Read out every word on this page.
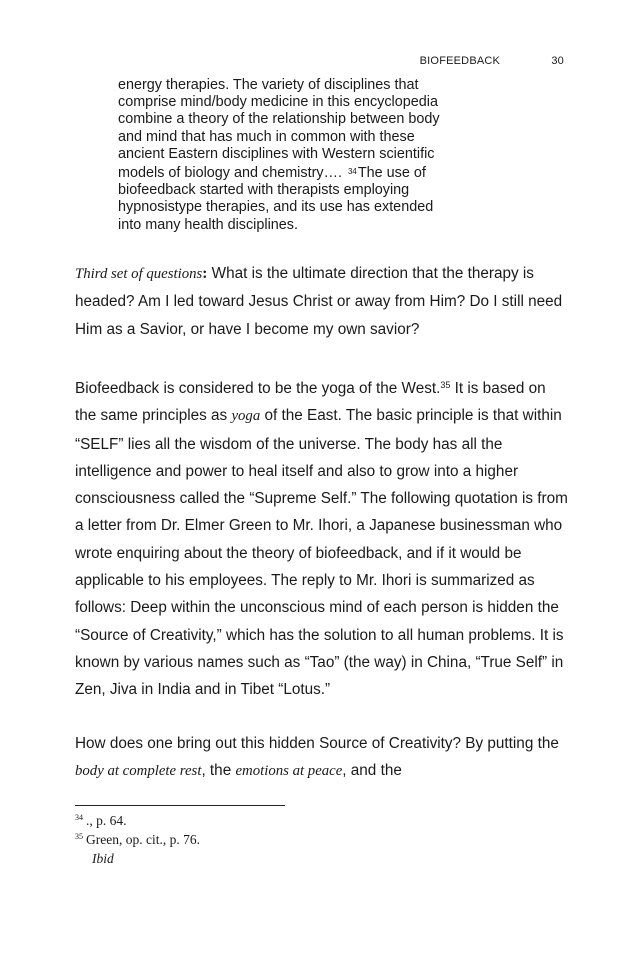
BIOFEEDBACK	30
energy therapies. The variety of disciplines that
comprise mind/body medicine in this encyclopedia
combine a theory of the relationship between body
and mind that has much in common with these
ancient Eastern disciplines with Western scientific
models of biology and chemistry…. $^{34}$The use of
biofeedback started with therapists employing
hypnosistype therapies, and its use has extended
into many health disciplines.

Third set of questions: What is the ultimate direction that the therapy is headed? Am I led toward Jesus Christ or away from Him? Do I still need Him as a Savior, or have I become my own savior?

Biofeedback is considered to be the yoga of the West.$^{35}$ It is based on the same principles as yoga of the East. The basic principle is that within “SELF” lies all the wisdom of the universe. The body has all the intelligence and power to heal itself and also to grow into a higher consciousness called the “Supreme Self.” The following quotation is from a letter from Dr. Elmer Green to Mr. Ihori, a Japanese businessman who wrote enquiring about the theory of biofeedback, and if it would be applicable to his employees. The reply to Mr. Ihori is summarized as follows: Deep within the unconscious mind of each person is hidden the “Source of Creativity,” which has the solution to all human problems. It is known by various names such as “Tao” (the way) in China, “True Self” in Zen, Jiva in India and in Tibet “Lotus.”

How does one bring out this hidden Source of Creativity? By putting the body at complete rest, the emotions at peace, and the

$^{34}$ ., p. 64.
$^{35}$ Green, op. cit., p. 76.
Ibid
